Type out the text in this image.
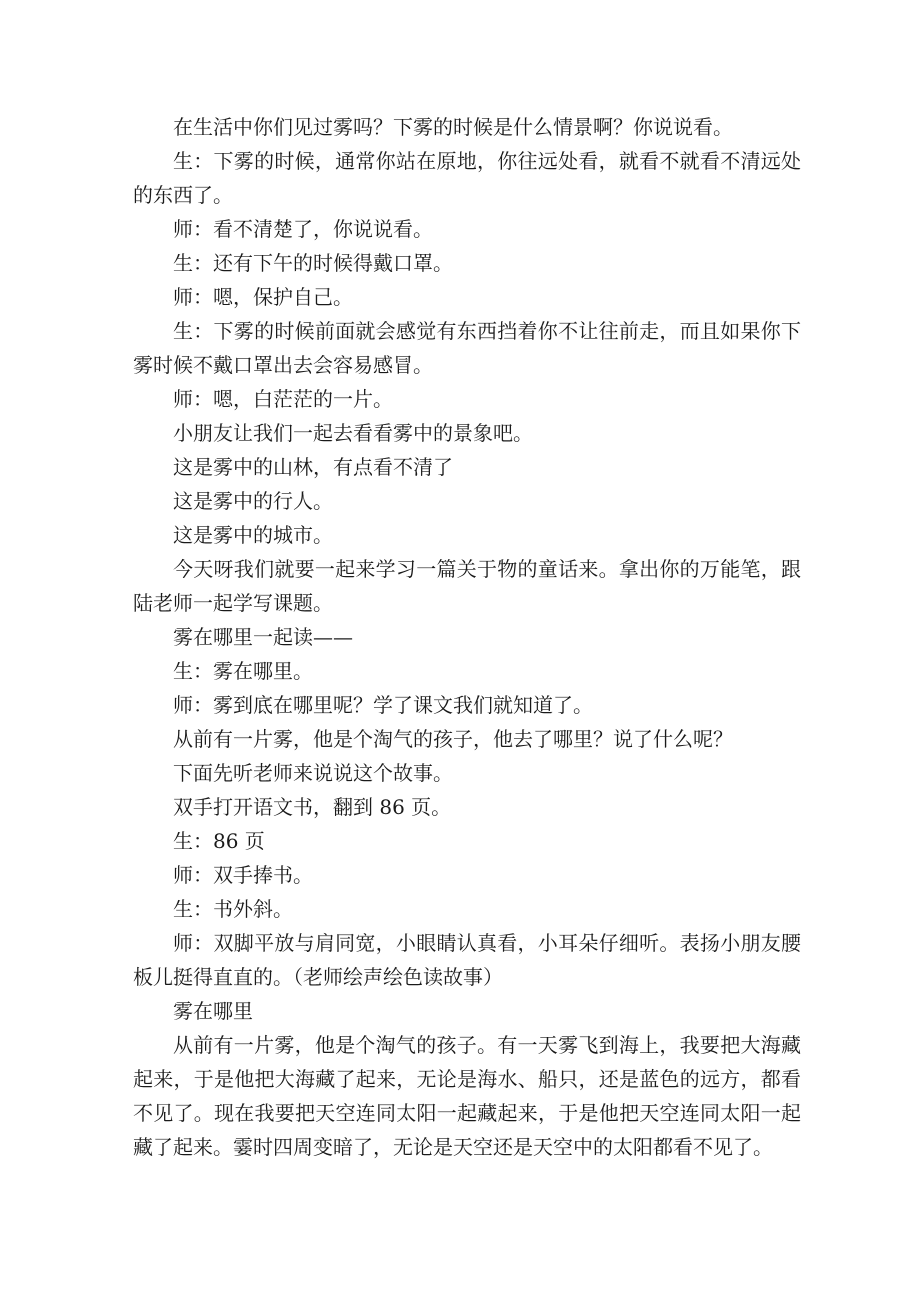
在生活中你们见过雾吗？下雾的时候是什么情景啊？你说说看。

生：下雾的时候，通常你站在原地，你往远处看，就看不就看不清远处的东西了。

师：看不清楚了，你说说看。

生：还有下午的时候得戴口罩。

师：嗯，保护自己。

生：下雾的时候前面就会感觉有东西挡着你不让往前走，而且如果你下雾时候不戴口罩出去会容易感冒。

师：嗯，白茫茫的一片。

小朋友让我们一起去看看雾中的景象吧。

这是雾中的山林，有点看不清了

这是雾中的行人。

这是雾中的城市。

今天呀我们就要一起来学习一篇关于物的童话来。拿出你的万能笔，跟陆老师一起学写课题。

雾在哪里一起读——

生：雾在哪里。

师：雾到底在哪里呢？学了课文我们就知道了。

从前有一片雾，他是个淘气的孩子，他去了哪里？说了什么呢？

下面先听老师来说说这个故事。

双手打开语文书，翻到 86 页。

生：86 页

师：双手捧书。

生：书外斜。

师：双脚平放与肩同宽，小眼睛认真看，小耳朵仔细听。表扬小朋友腰板儿挺得直直的。（老师绘声绘色读故事）

雾在哪里

从前有一片雾，他是个淘气的孩子。有一天雾飞到海上，我要把大海藏起来，于是他把大海藏了起来，无论是海水、船只，还是蓝色的远方，都看不见了。现在我要把天空连同太阳一起藏起来，于是他把天空连同太阳一起藏了起来。霎时四周变暗了，无论是天空还是天空中的太阳都看不见了。
